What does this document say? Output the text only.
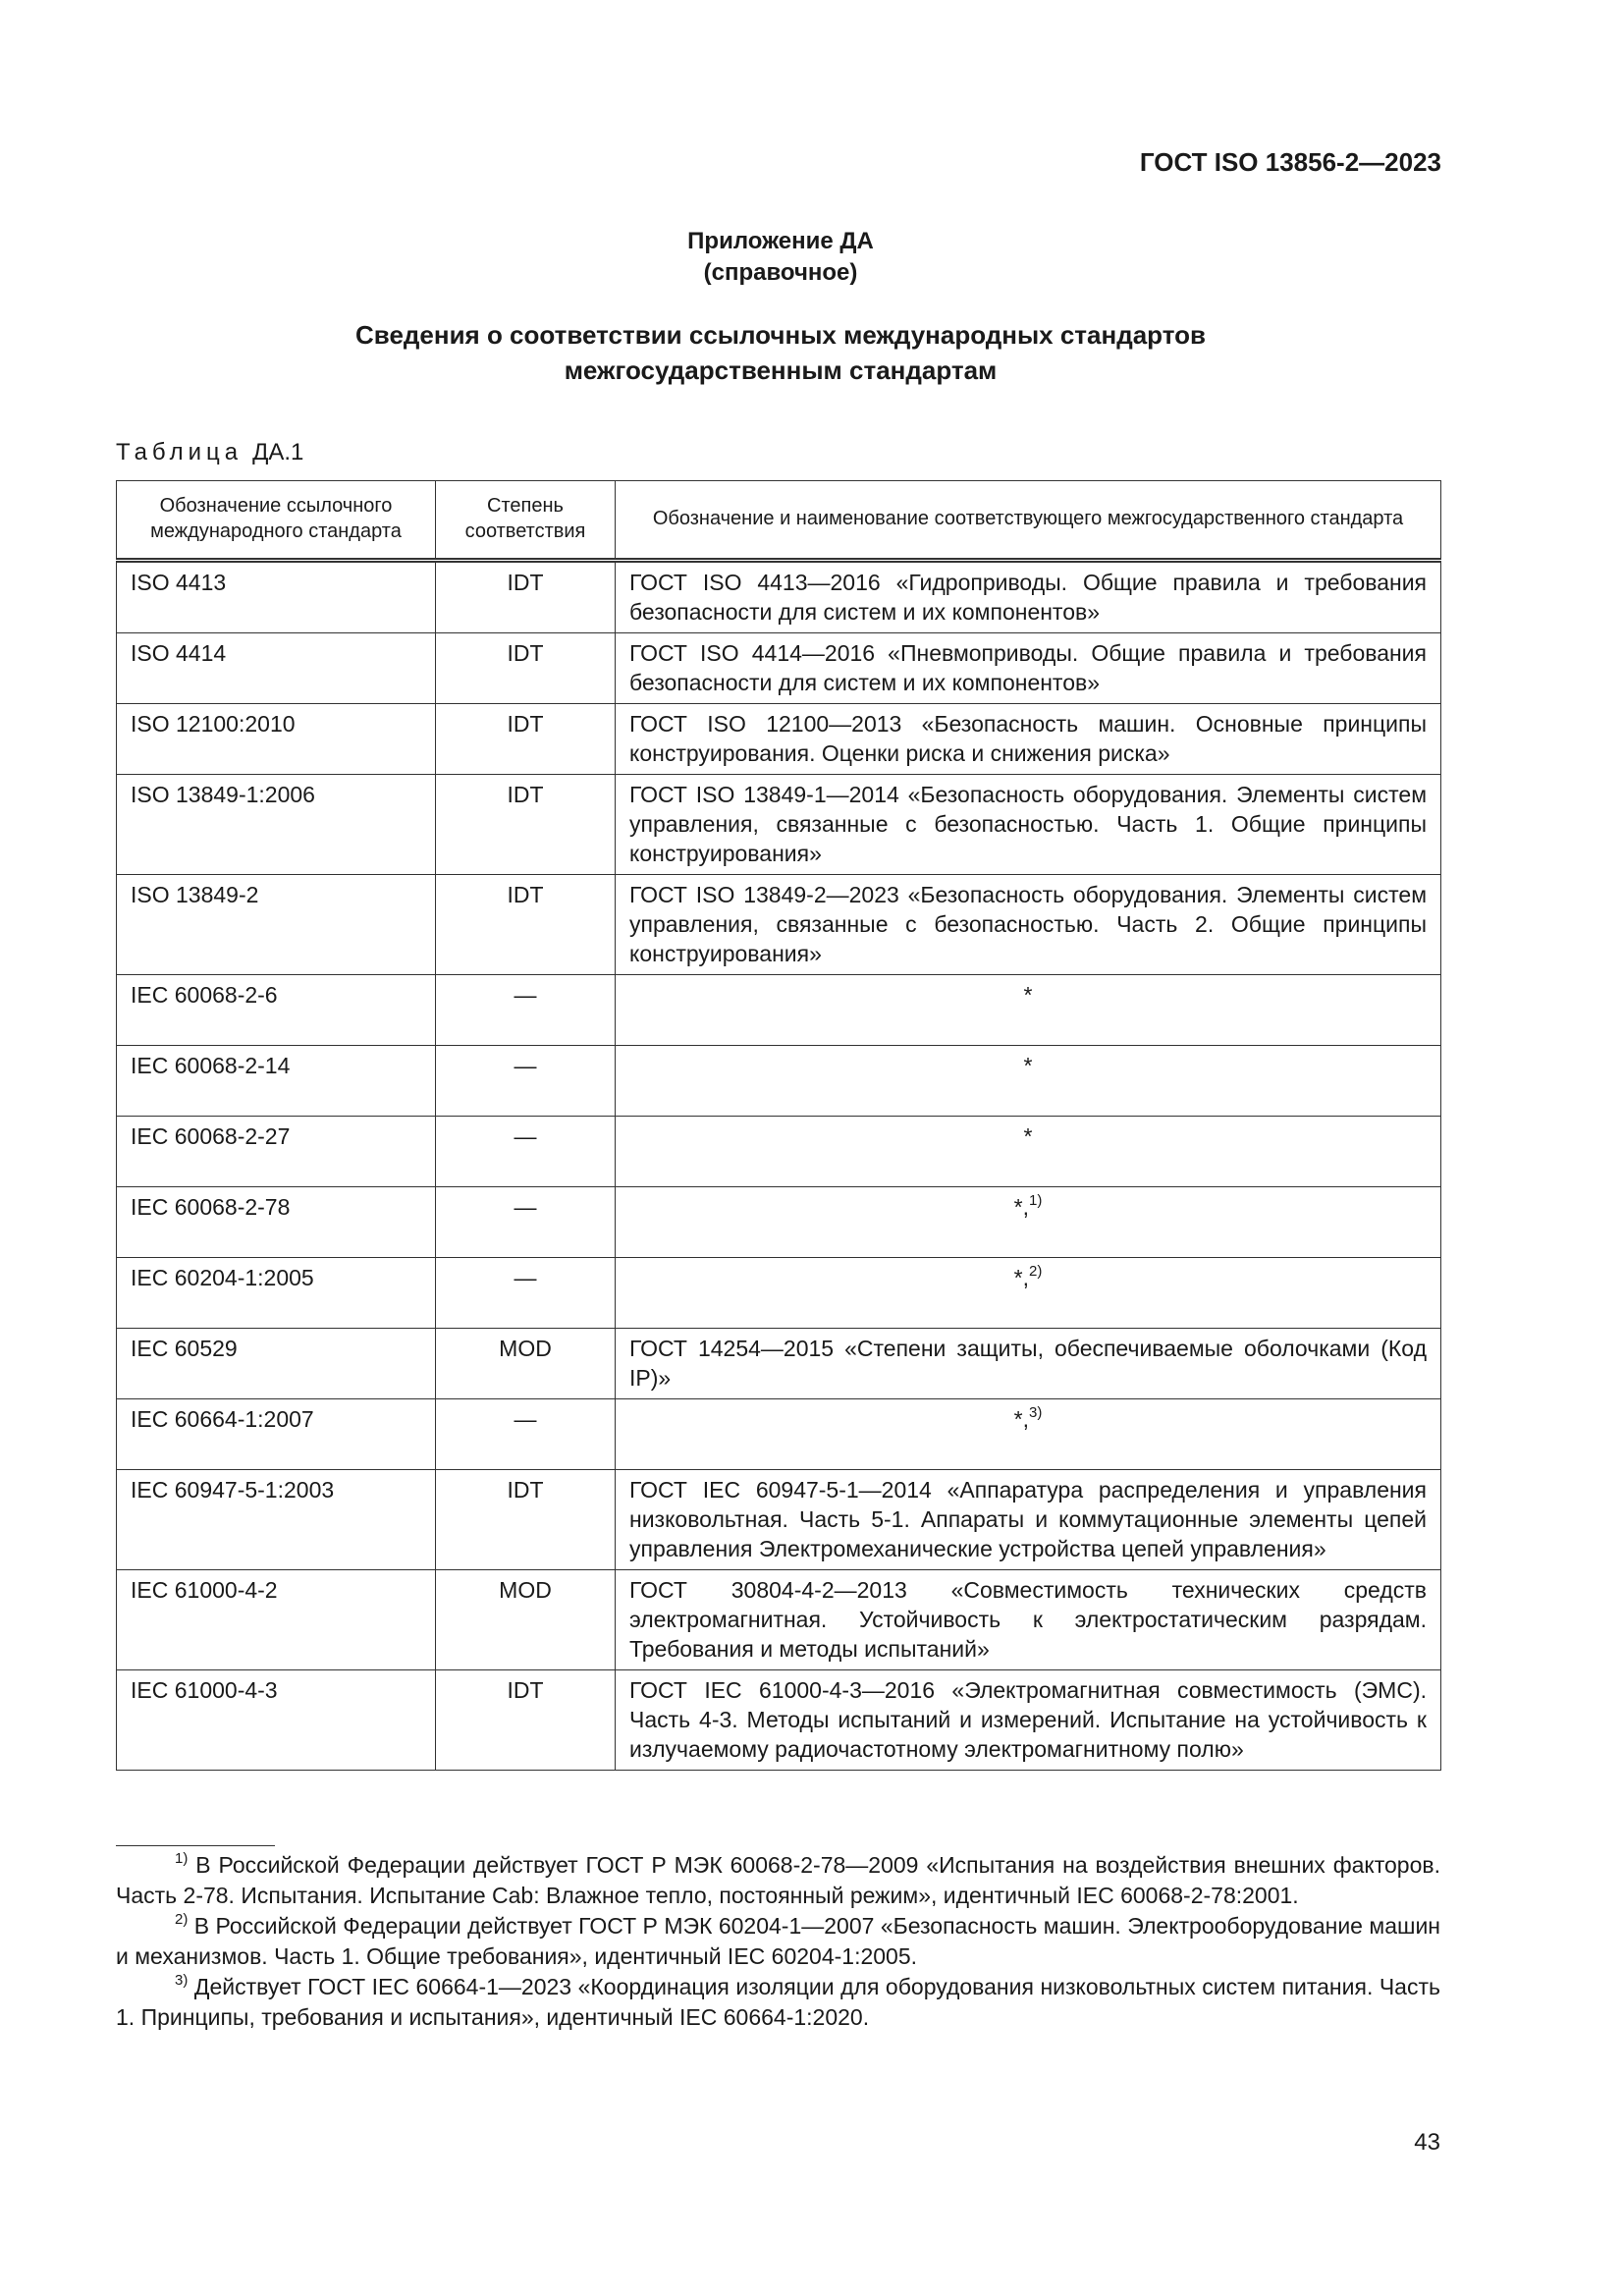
ГОСТ ISO 13856-2—2023
Приложение ДА
(справочное)
Сведения о соответствии ссылочных международных стандартов
межгосударственным стандартам
Таблица ДА.1
Обозначение ссылочного международного стандарта	Степень соответствия	Обозначение и наименование соответствующего межгосударственного стандарта
ISO 4413	IDT	ГОСТ ISO 4413—2016 «Гидроприводы. Общие правила и требования безопасности для систем и их компонентов»
ISO 4414	IDT	ГОСТ ISO 4414—2016 «Пневмоприводы. Общие правила и требования безопасности для систем и их компонентов»
ISO 12100:2010	IDT	ГОСТ ISO 12100—2013 «Безопасность машин. Основные принципы конструирования. Оценки риска и снижения риска»
ISO 13849-1:2006	IDT	ГОСТ ISO 13849-1—2014 «Безопасность оборудования. Элементы систем управления, связанные с безопасностью. Часть 1. Общие принципы конструирования»
ISO 13849-2	IDT	ГОСТ ISO 13849-2—2023 «Безопасность оборудования. Элементы систем управления, связанные с безопасностью. Часть 2. Общие принципы конструирования»
IEC 60068-2-6	—	*
IEC 60068-2-14	—	*
IEC 60068-2-27	—	*
IEC 60068-2-78	—	*,$^{1)}$
IEC 60204-1:2005	—	*,$^{2)}$
IEC 60529	MOD	ГОСТ 14254—2015 «Степени защиты, обеспечиваемые оболочками (Код IP)»
IEC 60664-1:2007	—	*,$^{3)}$
IEC 60947-5-1:2003	IDT	ГОСТ IEC 60947-5-1—2014 «Аппаратура распределения и управления низковольтная. Часть 5-1. Аппараты и коммутационные элементы цепей управления Электромеханические устройства цепей управления»
IEC 61000-4-2	MOD	ГОСТ 30804-4-2—2013 «Совместимость технических средств электромагнитная. Устойчивость к электростатическим разрядам. Требования и методы испытаний»
IEC 61000-4-3	IDT	ГОСТ IEC 61000-4-3—2016 «Электромагнитная совместимость (ЭМС). Часть 4-3. Методы испытаний и измерений. Испытание на устойчивость к излучаемому радиочастотному электромагнитному полю»

$^{1)}$ В Российской Федерации действует ГОСТ Р МЭК 60068-2-78—2009 «Испытания на воздействия внешних факторов. Часть 2-78. Испытания. Испытание Cab: Влажное тепло, постоянный режим», идентичный IEC 60068-2-78:2001.

$^{2)}$ В Российской Федерации действует ГОСТ Р МЭК 60204-1—2007 «Безопасность машин. Электрооборудование машин и механизмов. Часть 1. Общие требования», идентичный IEC 60204-1:2005.

$^{3)}$ Действует ГОСТ IEC 60664-1—2023 «Координация изоляции для оборудования низковольтных систем питания. Часть 1. Принципы, требования и испытания», идентичный IEC 60664-1:2020.

43
